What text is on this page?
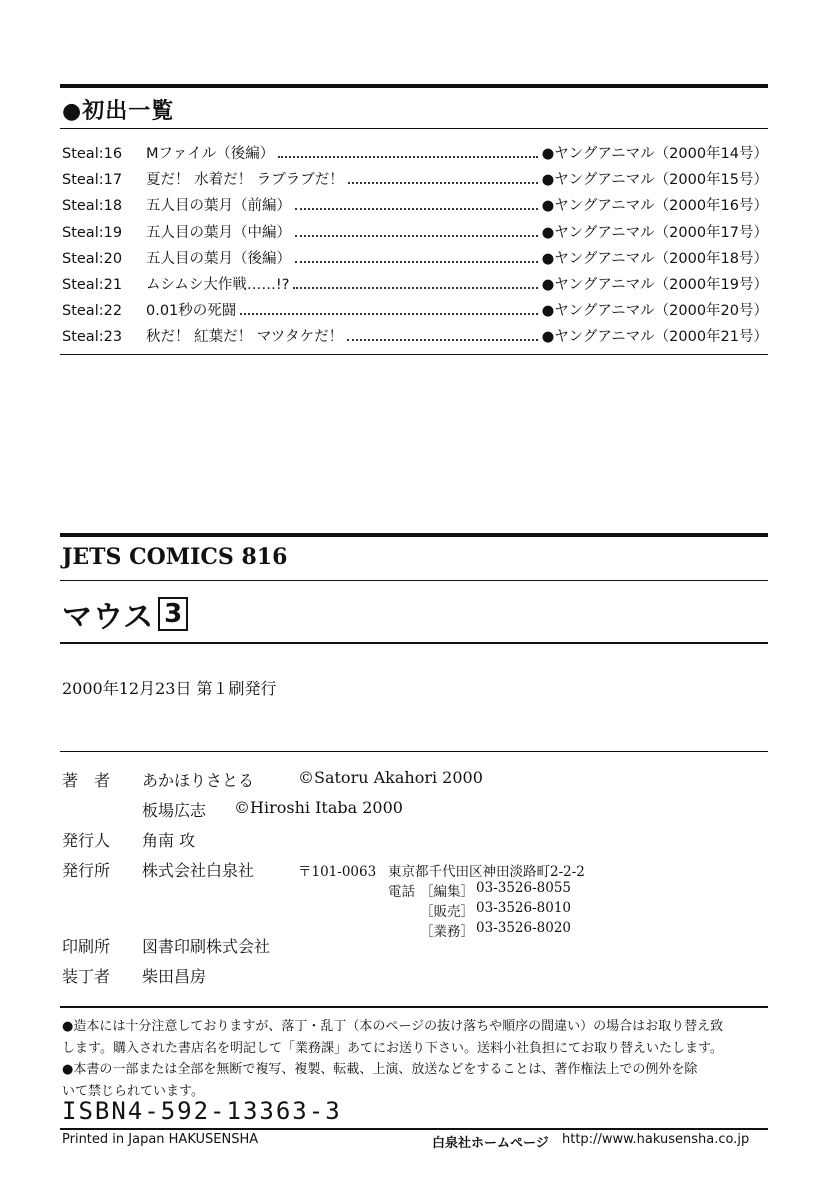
●初出一覧
Steal:16	Mファイル（後編）	●ヤングアニマル（2000年14号）
Steal:17	夏だ！ 水着だ！ ラブラブだ！	●ヤングアニマル（2000年15号）
Steal:18	五人目の葉月（前編）	●ヤングアニマル（2000年16号）
Steal:19	五人目の葉月（中編）	●ヤングアニマル（2000年17号）
Steal:20	五人目の葉月（後編）	●ヤングアニマル（2000年18号）
Steal:21	ムシムシ大作戦……!?	●ヤングアニマル（2000年19号）
Steal:22	0.01秒の死闘	●ヤングアニマル（2000年20号）
Steal:23	秋だ！ 紅葉だ！ マツタケだ！	●ヤングアニマル（2000年21号）
JETS COMICS 816
マウス 3
2000年12月23日 第１刷発行
著　者 あかほりさとる	©Satoru Akahori 2000
板場広志 ©Hiroshi Itaba 2000
発行人 角南 攻
発行所 株式会社白泉社	〒101-0063 東京都千代田区神田淡路町2-2-2
電話 ［編集］ 03-3526-8055
［販売］ 03-3526-8010
［業務］ 03-3526-8020
印刷所 図書印刷株式会社
装丁者 柴田昌房
●造本には十分注意しておりますが、落丁・乱丁（本のページの抜け落ちや順序の間違い）の場合はお取り替え致
します。購入された書店名を明記して「業務課」あてにお送り下さい。送料小社負担にてお取り替えいたします。
●本書の一部または全部を無断で複写、複製、転載、上演、放送などをすることは、著作権法上での例外を除
いて禁じられています。
ISBN4-592-13363-3
Printed in Japan HAKUSENSHA	白泉社ホームページ http://www.hakusensha.co.jp
